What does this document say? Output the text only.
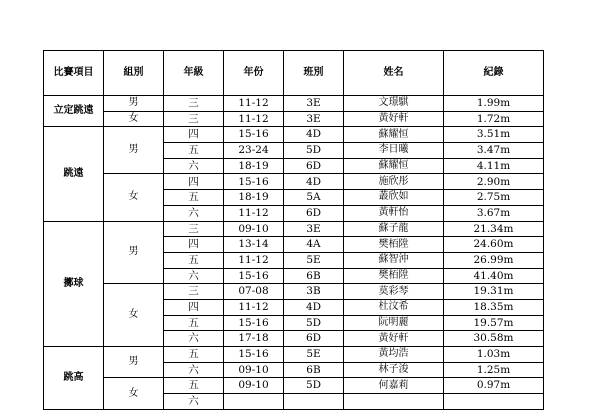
比賽項目	組別	年級	年份	班別	姓名	紀錄
立定跳遠	男	三	11-12	3E	文璟騏	1.99m
	女	三	11-12	3E	黃好軒	1.72m
跳遠	男	四	15-16	4D	蘇耀恒	3.51m
		五	23-24	5D	李日曦	3.47m
		六	18-19	6D	蘇耀恒	4.11m
	女	四	15-16	4D	施欣彤	2.90m
		五	18-19	5A	叢欣如	2.75m
		六	11-12	6D	黃軒怡	3.67m
擲球	男	三	09-10	3E	蘇子龍	21.34m
		四	13-14	4A	樊栢陞	24.60m
		五	11-12	5E	蘇智沖	26.99m
		六	15-16	6B	樊栢陞	41.40m
	女	三	07-08	3B	莫彩琴	19.31m
		四	11-12	4D	杜汶希	18.35m
		五	15-16	5D	阮明麗	19.57m
		六	17-18	6D	黃好軒	30.58m
跳高	男	五	15-16	5E	黃均浩	1.03m
		六	09-10	6B	林子浚	1.25m
	女	五	09-10	5D	何嘉莉	0.97m
		六				
